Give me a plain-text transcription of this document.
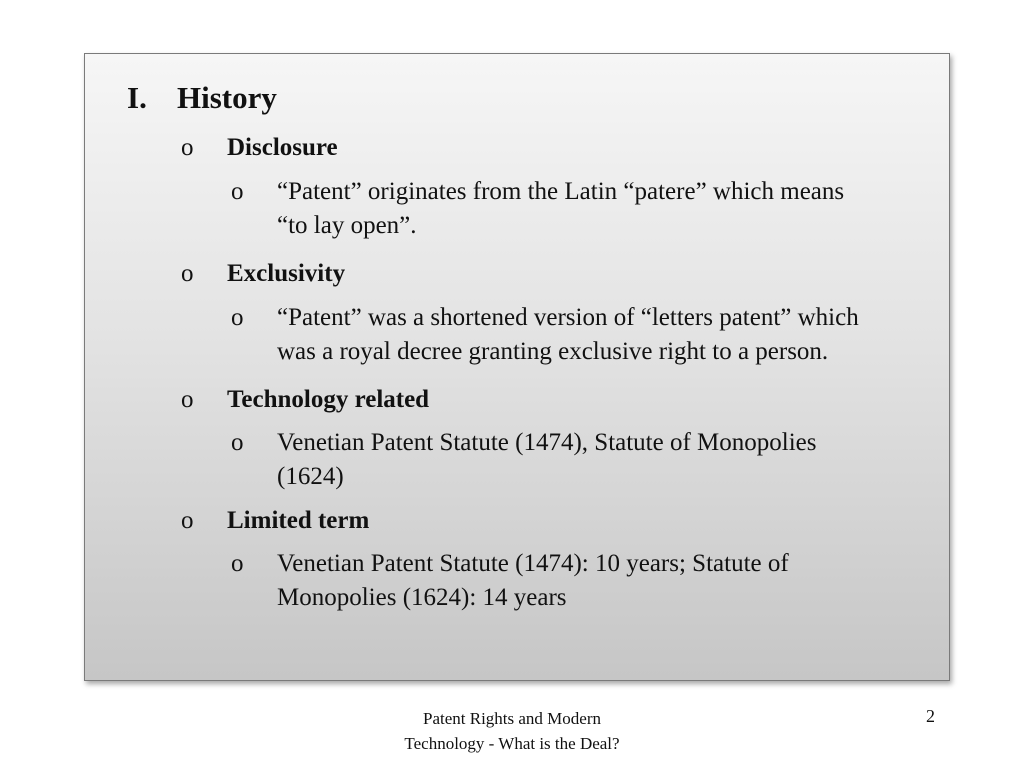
I. History
o	Disclosure
o	“Patent” originates from the Latin “patere” which means
“to lay open”.
o	Exclusivity
o	“Patent” was a shortened version of “letters patent” which
was a royal decree granting exclusive right to a person.
o	Technology related
o	Venetian Patent Statute (1474), Statute of Monopolies
(1624)
o	Limited term
o	Venetian Patent Statute (1474): 10 years; Statute of
Monopolies (1624): 14 years
Patent Rights and Modern
Technology - What is the Deal?
2
